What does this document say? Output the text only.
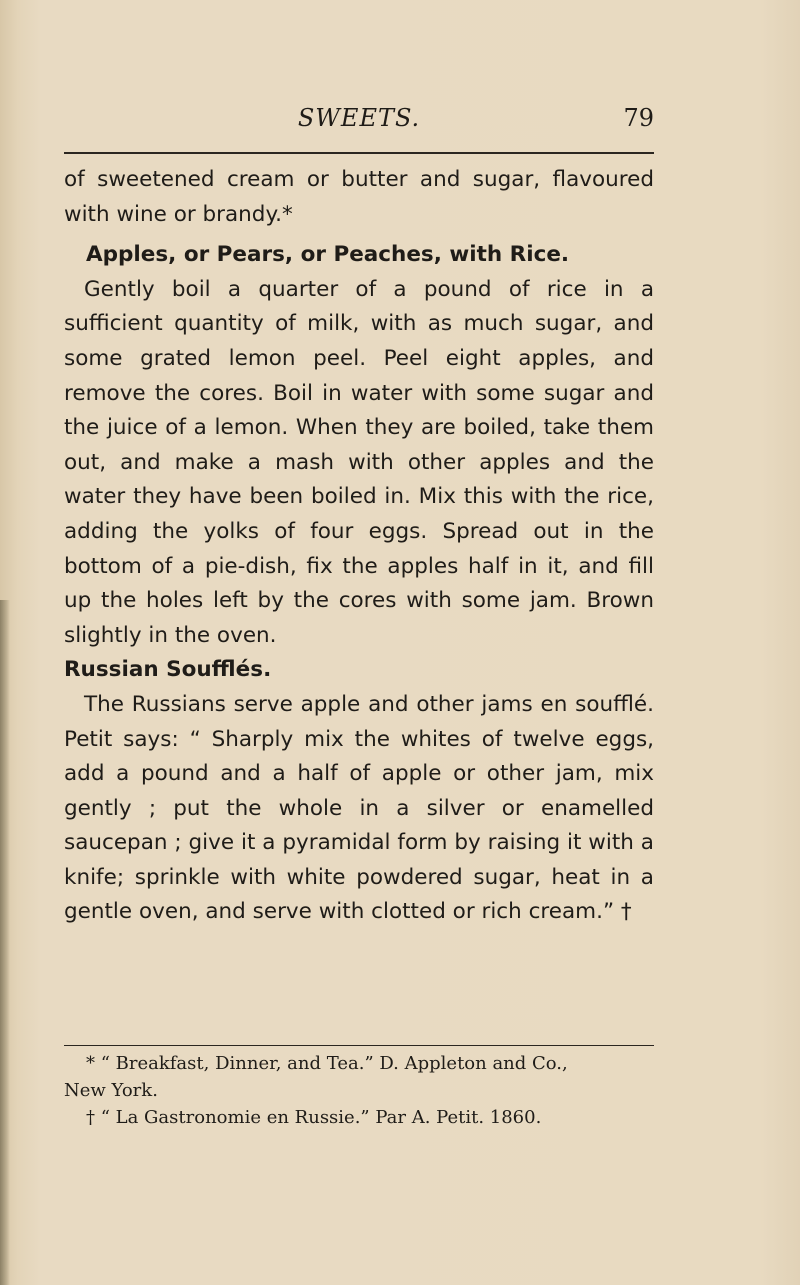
SWEETS.	79

of sweetened cream or butter and sugar, flavoured with wine or brandy.*

Apples, or Pears, or Peaches, with Rice.

Gently boil a quarter of a pound of rice in a sufficient quantity of milk, with as much sugar, and some grated lemon peel. Peel eight apples, and remove the cores. Boil in water with some sugar and the juice of a lemon. When they are boiled, take them out, and make a mash with other apples and the water they have been boiled in. Mix this with the rice, adding the yolks of four eggs. Spread out in the bottom of a pie-dish, fix the apples half in it, and fill up the holes left by the cores with some jam. Brown slightly in the oven.

Russian Soufflés.

The Russians serve apple and other jams en soufflé. Petit says: “ Sharply mix the whites of twelve eggs, add a pound and a half of apple or other jam, mix gently ; put the whole in a silver or enamelled saucepan ; give it a pyramidal form by raising it with a knife; sprinkle with white powdered sugar, heat in a gentle oven, and serve with clotted or rich cream.” †

* “ Breakfast, Dinner, and Tea.” D. Appleton and Co.,

New York.

† “ La Gastronomie en Russie.” Par A. Petit. 1860.
